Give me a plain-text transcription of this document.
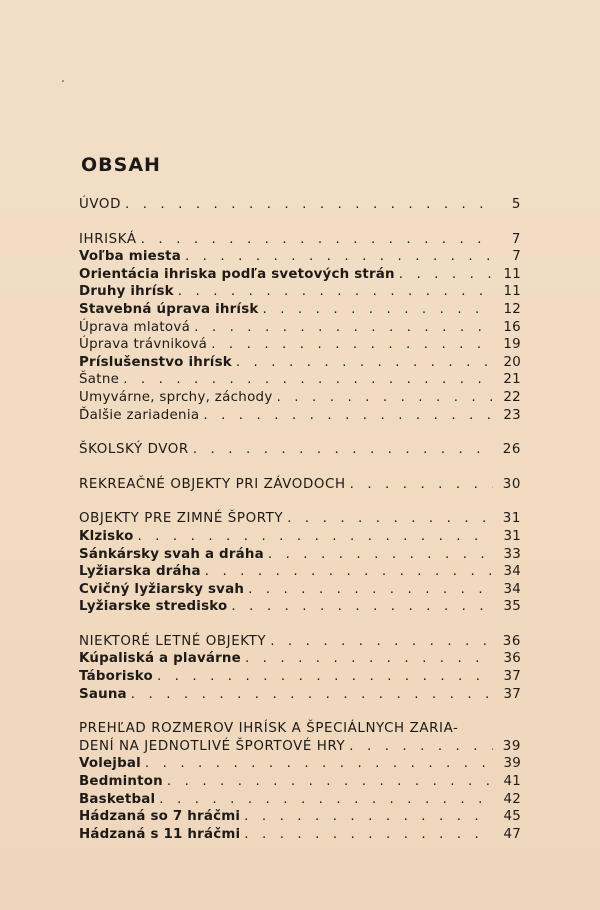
OBSAH
ÚVOD . . .	5
IHRISKÁ . . .	7
Voľba miesta . . .	7
Orientácia ihriska podľa svetových strán . . .	11
Druhy ihrísk . . .	11
Stavebná úprava ihrísk . . .	12
Úprava mlatová . . .	16
Úprava trávniková . . .	19
Príslušenstvo ihrísk . . .	20
Šatne . . .	21
Umyvárne, sprchy, záchody . . .	22
Ďalšie zariadenia . . .	23
ŠKOLSKÝ DVOR . . .	26
REKREAČNÉ OBJEKTY PRI ZÁVODOCH . . .	30
OBJEKTY PRE ZIMNÉ ŠPORTY . . .	31
Klzisko . . .	31
Sánkársky svah a dráha . . .	33
Lyžiarska dráha . . .	34
Cvičný lyžiarsky svah . . .	34
Lyžiarske stredisko . . .	35
NIEKTORÉ LETNÉ OBJEKTY . . .	36
Kúpaliská a plavárne . . .	36
Táborisko . . .	37
Sauna . . .	37
PREHĽAD ROZMEROV IHRÍSK A ŠPECIÁLNYCH ZARIA-
DENÍ NA JEDNOTLIVÉ ŠPORTOVÉ HRY . . .	39
Volejbal . . .	39
Bedminton . . .	41
Basketbal . . .	42
Hádzaná so 7 hráčmi . . .	45
Hádzaná s 11 hráčmi . . .	47
